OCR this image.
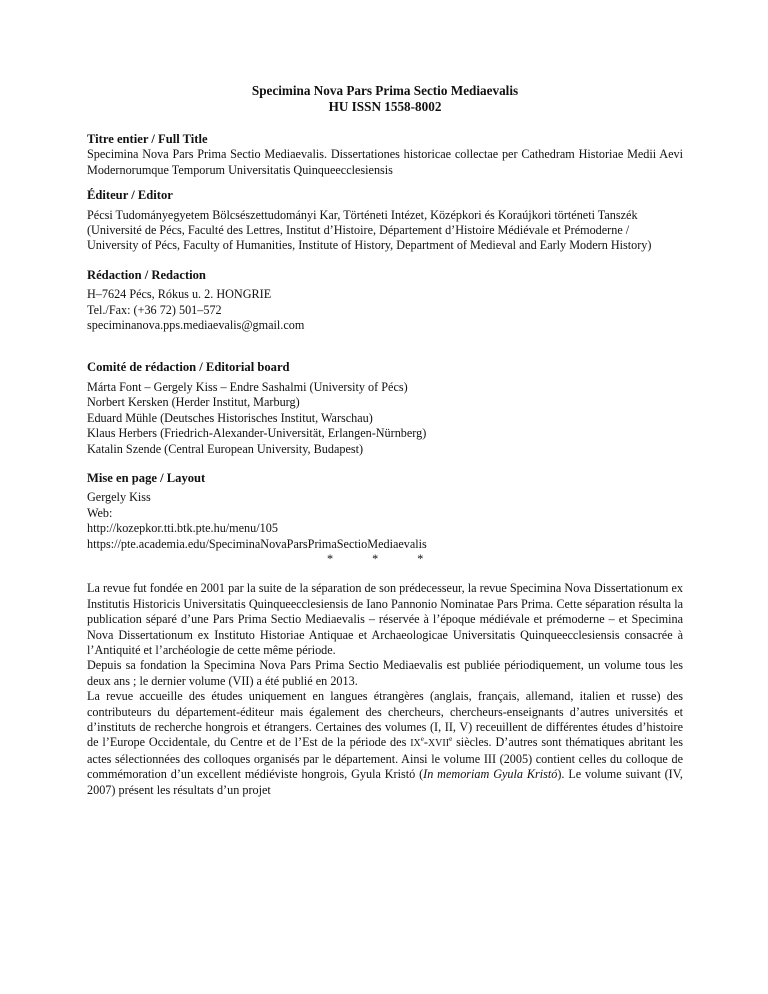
Specimina Nova Pars Prima Sectio Mediaevalis
HU ISSN 1558-8002
Titre entier / Full Title
Specimina Nova Pars Prima Sectio Mediaevalis. Dissertationes historicae collectae per Cathedram Historiae Medii Aevi Modernorumque Temporum Universitatis Quinqueecclesiensis
Éditeur / Editor
Pécsi Tudományegyetem Bölcsészettudományi Kar, Történeti Intézet, Középkori és Koraújkori történeti Tanszék
(Université de Pécs, Faculté des Lettres, Institut d’Histoire, Département d’Histoire Médiévale et Prémoderne /
University of Pécs, Faculty of Humanities, Institute of History, Department of Medieval and Early Modern History)
Rédaction / Redaction
H–7624 Pécs, Rókus u. 2. HONGRIE
Tel./Fax: (+36 72) 501–572
speciminanova.pps.mediaevalis@gmail.com
Comité de rédaction / Editorial board
Márta Font – Gergely Kiss – Endre Sashalmi (University of Pécs)
Norbert Kersken (Herder Institut, Marburg)
Eduard Mühle (Deutsches Historisches Institut, Warschau)
Klaus Herbers (Friedrich-Alexander-Universität, Erlangen-Nürnberg)
Katalin Szende (Central European University, Budapest)
Mise en page / Layout
Gergely Kiss
Web:
http://kozepkor.tti.btk.pte.hu/menu/105
https://pte.academia.edu/SpeciminaNovaParsPrimaSectioMediaevalis
* * *

La revue fut fondée en 2001 par la suite de la séparation de son prédecesseur, la revue Specimina Nova Dissertationum ex Institutis Historicis Universitatis Quinqueecclesiensis de Iano Pannonio Nominatae Pars Prima. Cette séparation résulta la publication séparé d’une Pars Prima Sectio Mediaevalis – réservée à l’époque médiévale et prémoderne – et Specimina Nova Dissertationum ex Instituto Historiae Antiquae et Archaeologicae Universitatis Quinqueecclesiensis consacrée à l’Antiquité et l’archéologie de cette même période.

Depuis sa fondation la Specimina Nova Pars Prima Sectio Mediaevalis est publiée périodiquement, un volume tous les deux ans ; le dernier volume (VII) a été publié en 2013.

La revue accueille des études uniquement en langues étrangères (anglais, français, allemand, italien et russe) des contributeurs du département-éditeur mais également des chercheurs, chercheurs-enseignants d’autres universités et d’instituts de recherche hongrois et étrangers. Certaines des volumes (I, II, V) receuillent de différentes études d’histoire de l’Europe Occidentale, du Centre et de l’Est de la période des IXe-XVIIe siècles. D’autres sont thématiques abritant les actes sélectionnées des colloques organisés par le département. Ainsi le volume III (2005) contient celles du colloque de commémoration d’un excellent médiéviste hongrois, Gyula Kristó (In memoriam Gyula Kristó). Le volume suivant (IV, 2007) présent les résultats d’un projet
